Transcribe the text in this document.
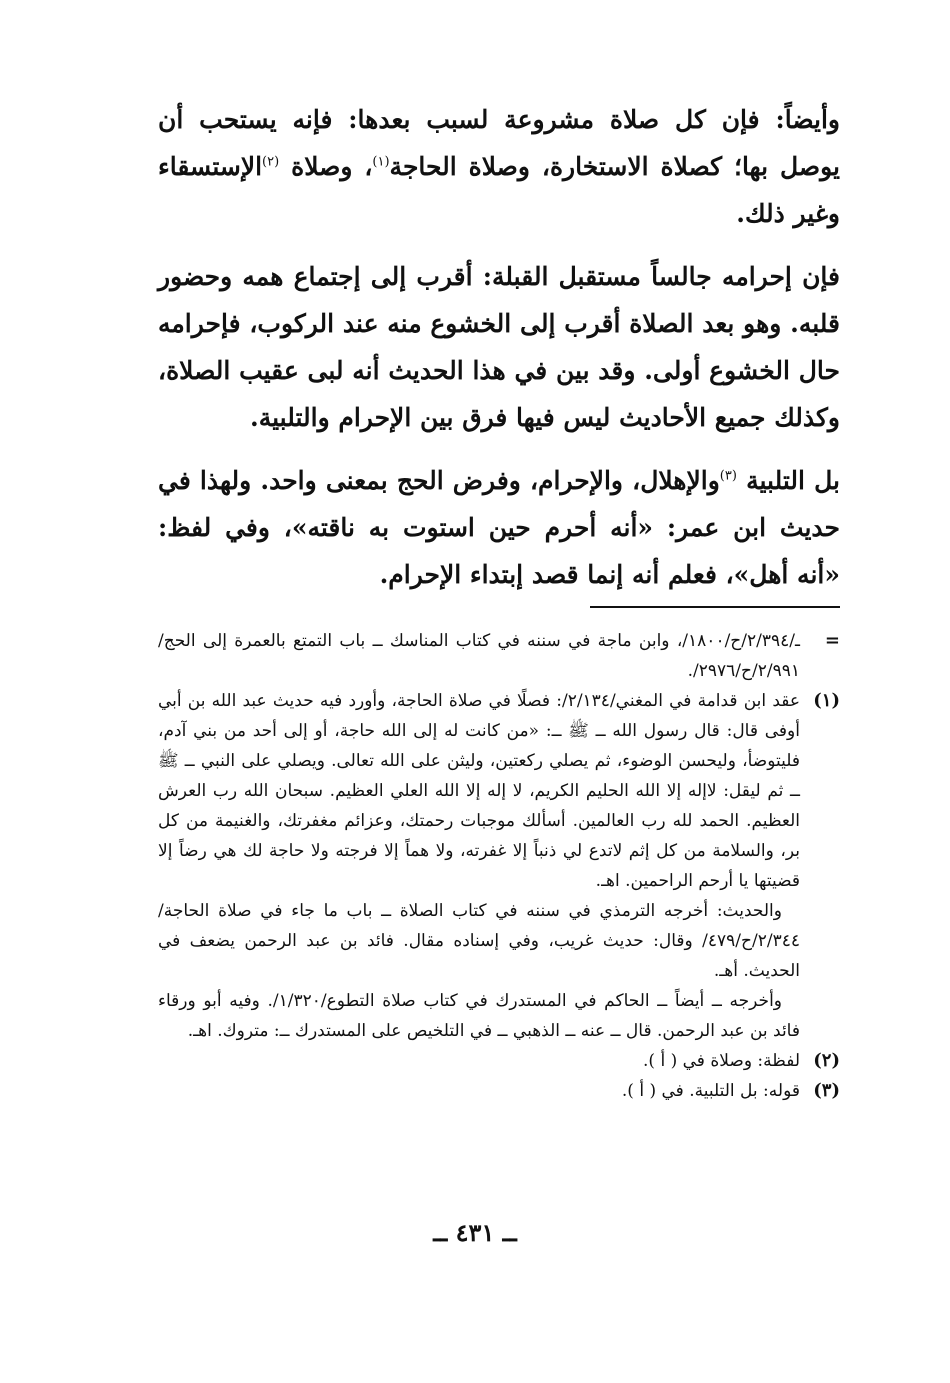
وأيضاً: فإن كل صلاة مشروعة لسبب بعدها: فإنه يستحب أن يوصل بها؛ كصلاة الاستخارة، وصلاة الحاجة$^{(١)}$، وصلاة $^{(٢)}$الإستسقاء وغير ذلك.

فإن إحرامه جالساً مستقبل القبلة: أقرب إلى إجتماع همه وحضور قلبه. وهو بعد الصلاة أقرب إلى الخشوع منه عند الركوب، فإحرامه حال الخشوع أولى. وقد بين في هذا الحديث أنه لبى عقيب الصلاة، وكذلك جميع الأحاديث ليس فيها فرق بين الإحرام والتلبية.

بل التلبية $^{(٣)}$والإهلال، والإحرام، وفرض الحج بمعنى واحد. ولهذا في حديث ابن عمر: «أنه أحرم حين استوت به ناقته»، وفي لفظ: «أنه أهل»، فعلم أنه إنما قصد إبتداء الإحرام.

=
ـ/٢/٣٩٤/ح/١٨٠٠/، وابن ماجة في سننه في كتاب المناسك ــ باب التمتع بالعمرة إلى الحج/٢/٩٩١/ح/٢٩٧٦/.
(١)
عقد ابن قدامة في المغني/٢/١٣٤/: فصلًا في صلاة الحاجة، وأورد فيه حديث عبد الله بن أبي أوفى قال: قال رسول الله ــ ﷺ ــ: «من كانت له إلى الله حاجة، أو إلى أحد من بني آدم، فليتوضأ، وليحسن الوضوء، ثم يصلي ركعتين، وليثن على الله تعالى. ويصلي على النبي ــ ﷺ ــ ثم ليقل: لاإله إلا الله الحليم الكريم، لا إله إلا الله العلي العظيم. سبحان الله رب العرش العظيم. الحمد لله رب العالمين. أسألك موجبات رحمتك، وعزائم مغفرتك، والغنيمة من كل بر، والسلامة من كل إثم لاتدع لي ذنباً إلا غفرته، ولا هماً إلا فرجته ولا حاجة لك هي رضاً إلا قضيتها يا أرحم الراحمين. اهـ.
والحديث: أخرجه الترمذي في سننه في كتاب الصلاة ــ باب ما جاء في صلاة الحاجة/٢/٣٤٤/ح/٤٧٩/ وقال: حديث غريب، وفي إسناده مقال. فائد بن عبد الرحمن يضعف في الحديث. أهـ.
وأخرجه ــ أيضاً ــ الحاكم في المستدرك في كتاب صلاة التطوع/١/٣٢٠/. وفيه أبو ورقاء فائد بن عبد الرحمن. قال ــ عنه ــ الذهبي ــ في التلخيص على المستدرك ــ: متروك. اهـ.
(٢)
لفظة: وصلاة في ( أ ).
(٣)
قوله: بل التلبية. في ( أ ).
ــ ٤٣١ ــ
